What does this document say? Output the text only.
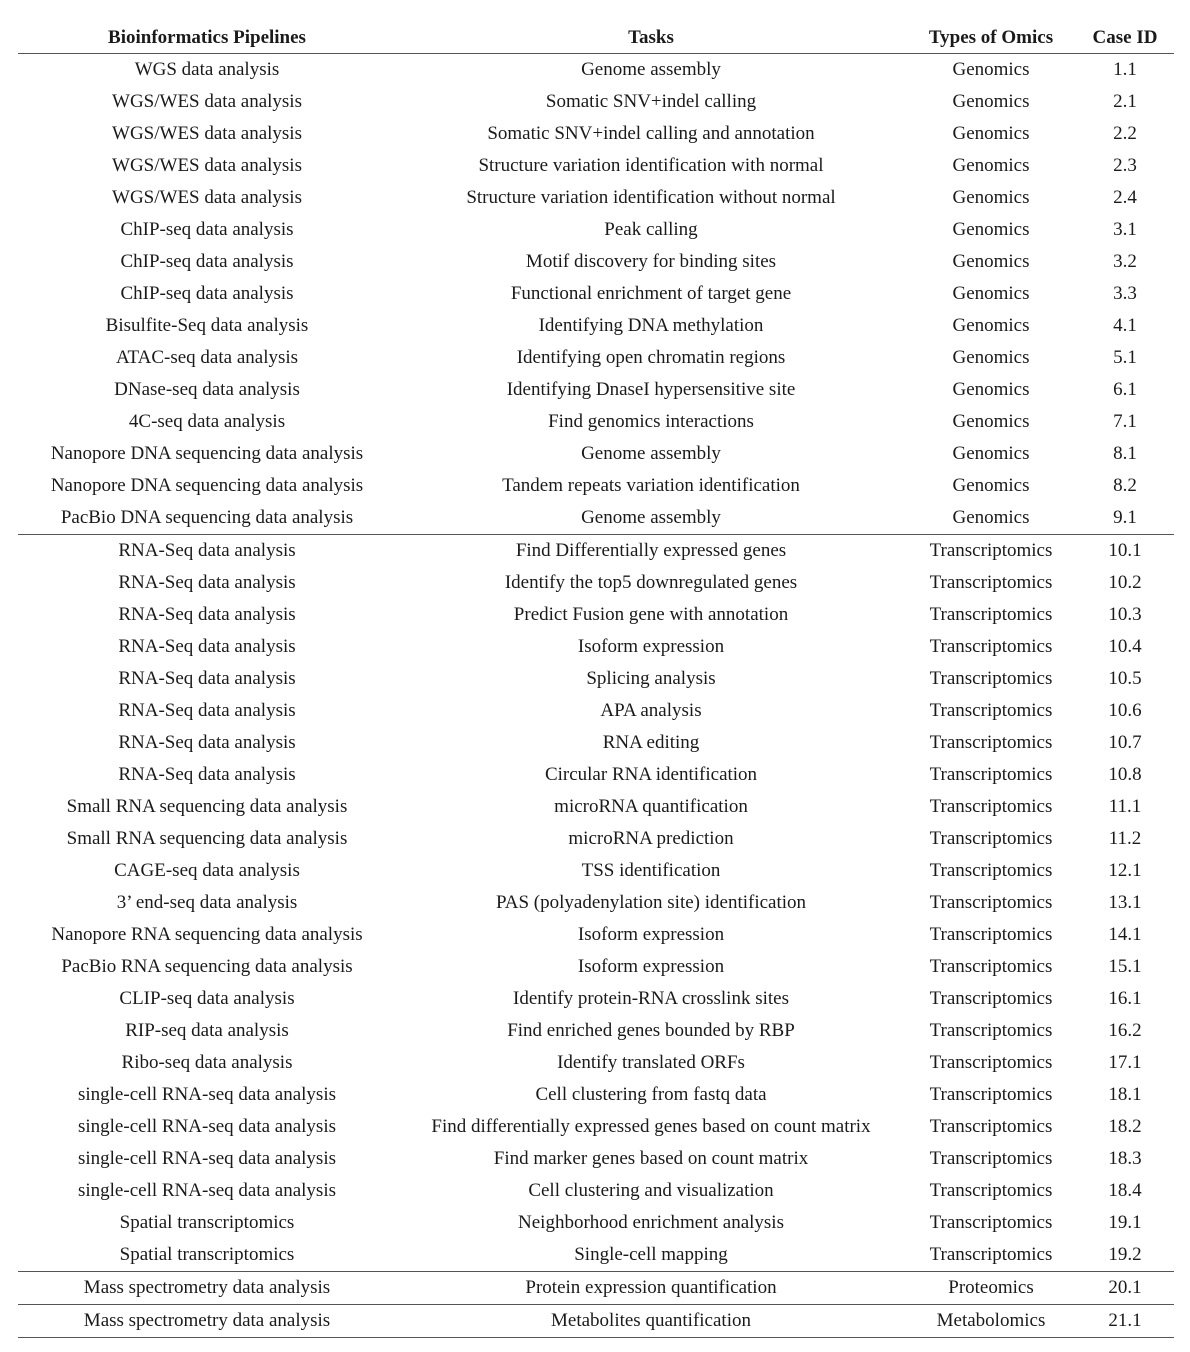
Bioinformatics Pipelines	Tasks	Types of Omics	Case ID
WGS data analysis	Genome assembly	Genomics	1.1
WGS/WES data analysis	Somatic SNV+indel calling	Genomics	2.1
WGS/WES data analysis	Somatic SNV+indel calling and annotation	Genomics	2.2
WGS/WES data analysis	Structure variation identification with normal	Genomics	2.3
WGS/WES data analysis	Structure variation identification without normal	Genomics	2.4
ChIP-seq data analysis	Peak calling	Genomics	3.1
ChIP-seq data analysis	Motif discovery for binding sites	Genomics	3.2
ChIP-seq data analysis	Functional enrichment of target gene	Genomics	3.3
Bisulfite-Seq data analysis	Identifying DNA methylation	Genomics	4.1
ATAC-seq data analysis	Identifying open chromatin regions	Genomics	5.1
DNase-seq data analysis	Identifying DnaseI hypersensitive site	Genomics	6.1
4C-seq data analysis	Find genomics interactions	Genomics	7.1
Nanopore DNA sequencing data analysis	Genome assembly	Genomics	8.1
Nanopore DNA sequencing data analysis	Tandem repeats variation identification	Genomics	8.2
PacBio DNA sequencing data analysis	Genome assembly	Genomics	9.1
RNA-Seq data analysis	Find Differentially expressed genes	Transcriptomics	10.1
RNA-Seq data analysis	Identify the top5 downregulated genes	Transcriptomics	10.2
RNA-Seq data analysis	Predict Fusion gene with annotation	Transcriptomics	10.3
RNA-Seq data analysis	Isoform expression	Transcriptomics	10.4
RNA-Seq data analysis	Splicing analysis	Transcriptomics	10.5
RNA-Seq data analysis	APA analysis	Transcriptomics	10.6
RNA-Seq data analysis	RNA editing	Transcriptomics	10.7
RNA-Seq data analysis	Circular RNA identification	Transcriptomics	10.8
Small RNA sequencing data analysis	microRNA quantification	Transcriptomics	11.1
Small RNA sequencing data analysis	microRNA prediction	Transcriptomics	11.2
CAGE-seq data analysis	TSS identification	Transcriptomics	12.1
3’ end-seq data analysis	PAS (polyadenylation site) identification	Transcriptomics	13.1
Nanopore RNA sequencing data analysis	Isoform expression	Transcriptomics	14.1
PacBio RNA sequencing data analysis	Isoform expression	Transcriptomics	15.1
CLIP-seq data analysis	Identify protein-RNA crosslink sites	Transcriptomics	16.1
RIP-seq data analysis	Find enriched genes bounded by RBP	Transcriptomics	16.2
Ribo-seq data analysis	Identify translated ORFs	Transcriptomics	17.1
single-cell RNA-seq data analysis	Cell clustering from fastq data	Transcriptomics	18.1
single-cell RNA-seq data analysis	Find differentially expressed genes based on count matrix	Transcriptomics	18.2
single-cell RNA-seq data analysis	Find marker genes based on count matrix	Transcriptomics	18.3
single-cell RNA-seq data analysis	Cell clustering and visualization	Transcriptomics	18.4
Spatial transcriptomics	Neighborhood enrichment analysis	Transcriptomics	19.1
Spatial transcriptomics	Single-cell mapping	Transcriptomics	19.2
Mass spectrometry data analysis	Protein expression quantification	Proteomics	20.1
Mass spectrometry data analysis	Metabolites quantification	Metabolomics	21.1
